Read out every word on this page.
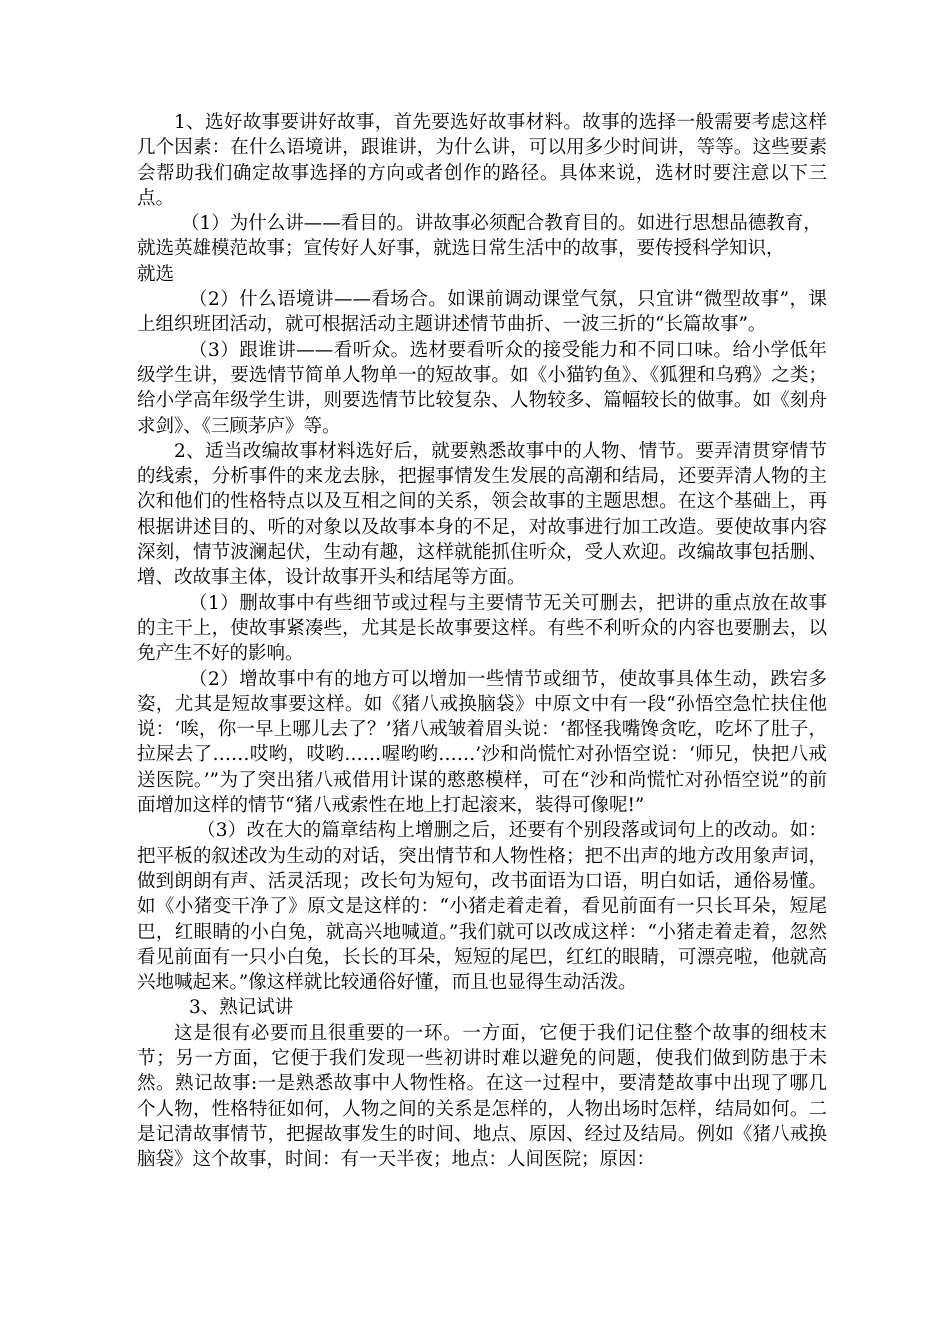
1、选好故事要讲好故事，首先要选好故事材料。故事的选择一般需要考虑这样几个因素：在什么语境讲，跟谁讲，为什么讲，可以用多少时间讲，等等。这些要素会帮助我们确定故事选择的方向或者创作的路径。具体来说，选材时要注意以下三点。

（1）为什么讲——看目的。讲故事必须配合教育目的。如进行思想品德教育，
就选英雄模范故事；宣传好人好事，就选日常生活中的故事，要传授科学知识，
就选

（2）什么语境讲——看场合。如课前调动课堂气氛，只宜讲“微型故事”，课上组织班团活动，就可根据活动主题讲述情节曲折、一波三折的“长篇故事”。

（3）跟谁讲——看听众。选材要看听众的接受能力和不同口味。给小学低年级学生讲，要选情节简单人物单一的短故事。如《小猫钓鱼》、《狐狸和乌鸦》之类；给小学高年级学生讲，则要选情节比较复杂、人物较多、篇幅较长的做事。如《刻舟求剑》、《三顾茅庐》等。

2、适当改编故事材料选好后，就要熟悉故事中的人物、情节。要弄清贯穿情节的线索，分析事件的来龙去脉，把握事情发生发展的高潮和结局，还要弄清人物的主次和他们的性格特点以及互相之间的关系，领会故事的主题思想。在这个基础上，再根据讲述目的、听的对象以及故事本身的不足，对故事进行加工改造。要使故事内容深刻，情节波澜起伏，生动有趣，这样就能抓住听众，受人欢迎。改编故事包括删、增、改故事主体，设计故事开头和结尾等方面。

（1）删故事中有些细节或过程与主要情节无关可删去，把讲的重点放在故事的主干上，使故事紧凑些，尤其是长故事要这样。有些不利听众的内容也要删去，以免产生不好的影响。

（2）增故事中有的地方可以增加一些情节或细节，使故事具体生动，跌宕多姿，尤其是短故事要这样。如《猪八戒换脑袋》中原文中有一段“孙悟空急忙扶住他说：‘唉，你一早上哪儿去了？’猪八戒皱着眉头说：‘都怪我嘴馋贪吃，吃坏了肚子，拉屎去了……哎哟，哎哟……喔哟哟……’沙和尚慌忙对孙悟空说：‘师兄，快把八戒送医院。’”为了突出猪八戒借用计谋的憨憨模样，可在“沙和尚慌忙对孙悟空说”的前面增加这样的情节“猪八戒索性在地上打起滚来，装得可像呢!”

（3）改在大的篇章结构上增删之后，还要有个别段落或词句上的改动。如：把平板的叙述改为生动的对话，突出情节和人物性格；把不出声的地方改用象声词，做到朗朗有声、活灵活现；改长句为短句，改书面语为口语，明白如话，通俗易懂。如《小猪变干净了》原文是这样的：“小猪走着走着，看见前面有一只长耳朵，短尾巴，红眼睛的小白兔，就高兴地喊道。”我们就可以改成这样：“小猪走着走着，忽然看见前面有一只小白兔，长长的耳朵，短短的尾巴，红红的眼睛，可漂亮啦，他就高兴地喊起来。”像这样就比较通俗好懂，而且也显得生动活泼。

3、熟记试讲

这是很有必要而且很重要的一环。一方面，它便于我们记住整个故事的细枝末节；另一方面，它便于我们发现一些初讲时难以避免的问题，使我们做到防患于未然。熟记故事:一是熟悉故事中人物性格。在这一过程中，要清楚故事中出现了哪几个人物，性格特征如何，人物之间的关系是怎样的，人物出场时怎样，结局如何。二是记清故事情节，把握故事发生的时间、地点、原因、经过及结局。例如《猪八戒换脑袋》这个故事，时间：有一天半夜；地点：人间医院；原因：
